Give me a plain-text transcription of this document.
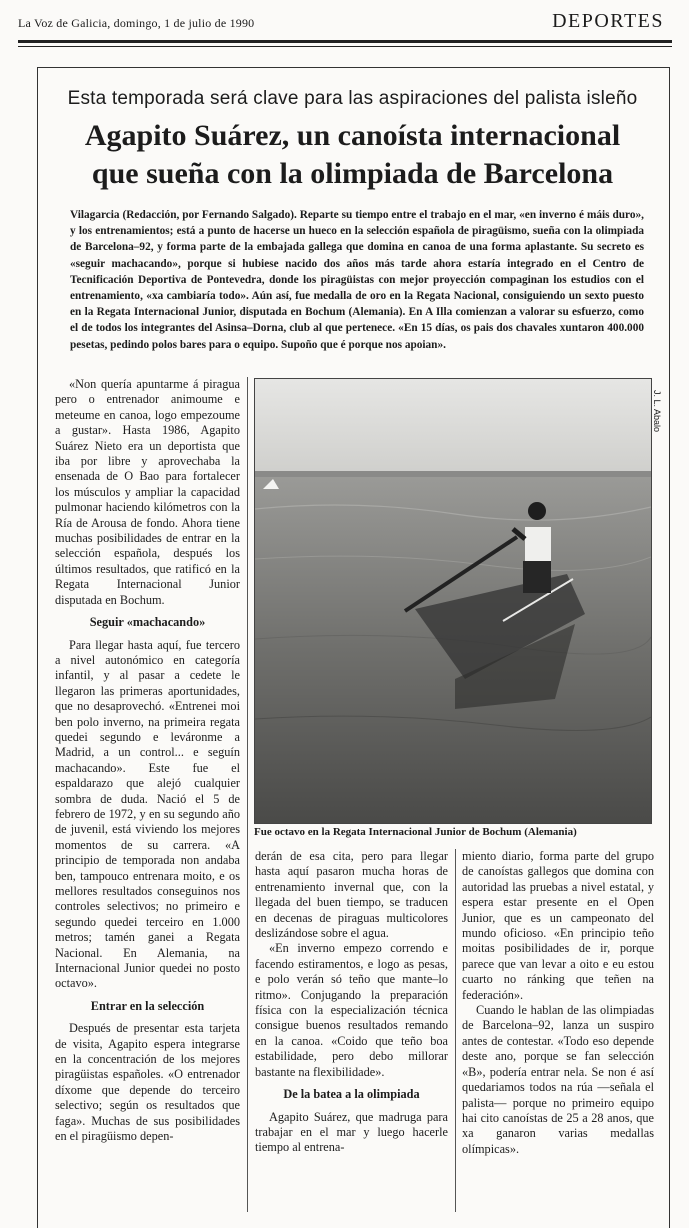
La Voz de Galicia, domingo, 1 de julio de 1990	DEPORTES
Esta temporada será clave para las aspiraciones del palista isleño
Agapito Suárez, un canoísta internacional
que sueña con la olimpiada de Barcelona
Vilagarcia (Redacción, por Fernando Salgado). Reparte su tiempo entre el trabajo en el mar, «en inverno é máis duro», y los entrenamientos; está a punto de hacerse un hueco en la selección española de piragüismo, sueña con la olimpiada de Barcelona–92, y forma parte de la embajada gallega que domina en canoa de una forma aplastante. Su secreto es «seguir machacando», porque si hubiese nacido dos años más tarde ahora estaría integrado en el Centro de Tecnificación Deportiva de Pontevedra, donde los piragüistas con mejor proyección compaginan los estudios con el entrenamiento, «xa cambiaría todo». Aún así, fue medalla de oro en la Regata Nacional, consiguiendo un sexto puesto en la Regata Internacional Junior, disputada en Bochum (Alemania). En A Illa comienzan a valorar su esfuerzo, como el de todos los integrantes del Asinsa–Dorna, club al que pertenece. «En 15 días, os pais dos chavales xuntaron 400.000 pesetas, pedindo polos bares para o equipo. Supoño que é porque nos apoian».

«Non quería apuntarme á piragua pero o entrenador animoume e meteume en canoa, logo empezoume a gustar». Hasta 1986, Agapito Suárez Nieto era un deportista que iba por libre y aprovechaba la ensenada de O Bao para fortalecer los músculos y ampliar la capacidad pulmonar haciendo kilómetros con la Ría de Arousa de fondo. Ahora tiene muchas posibilidades de entrar en la selección española, después los últimos resultados, que ratificó en la Regata Internacional Junior disputada en Bochum.

Seguir «machacando»

Para llegar hasta aquí, fue tercero a nivel autonómico en categoría infantil, y al pasar a cedete le llegaron las primeras aportunidades, que no desaprovechó. «Entrenei moi ben polo inverno, na primeira regata quedei segundo e leváronme a Madrid, a un control... e seguín machacando». Este fue el espaldarazo que alejó cualquier sombra de duda. Nació el 5 de febrero de 1972, y en su segundo año de juvenil, está viviendo los mejores momentos de su carrera. «A principio de temporada non andaba ben, tampouco entrenara moito, e os mellores resultados conseguinos nos controles selectivos; no primeiro e segundo quedei terceiro en 1.000 metros; tamén ganei a Regata Nacional. En Alemania, na Internacional Junior quedei no posto octavo».

Entrar en la selección

Después de presentar esta tarjeta de visita, Agapito espera integrarse en la concentración de los mejores piragüistas españoles. «O entrenador díxome que depende do terceiro selectivo; según os resultados que faga». Muchas de sus posibilidades en el piragüismo depen-

J. L. Abalo
Fue octavo en la Regata Internacional Junior de Bochum (Alemania)

derán de esa cita, pero para llegar hasta aquí pasaron mucha horas de entrenamiento invernal que, con la llegada del buen tiempo, se traducen en decenas de piraguas multicolores deslizándose sobre el agua.

«En inverno empezo correndo e facendo estiramentos, e logo as pesas, e polo verán só teño que mante–lo ritmo». Conjugando la preparación física con la especialización técnica consigue buenos resultados remando en la canoa. «Coido que teño boa estabilidade, pero debo millorar bastante na flexibilidade».

De la batea a la olimpiada

Agapito Suárez, que madruga para trabajar en el mar y luego hacerle tiempo al entrena-

miento diario, forma parte del grupo de canoístas gallegos que domina con autoridad las pruebas a nivel estatal, y espera estar presente en el Open Junior, que es un campeonato del mundo oficioso. «En principio teño moitas posibilidades de ir, porque parece que van levar a oito e eu estou cuarto no ránking que teñen na federación».

Cuando le hablan de las olimpiadas de Barcelona–92, lanza un suspiro antes de contestar. «Todo eso depende deste ano, porque se fan selección «B», podería entrar nela. Se non é así quedariamos todos na rúa —señala el palista— porque no primeiro equipo hai cito canoístas de 25 a 28 anos, que xa ganaron varias medallas olímpicas».
